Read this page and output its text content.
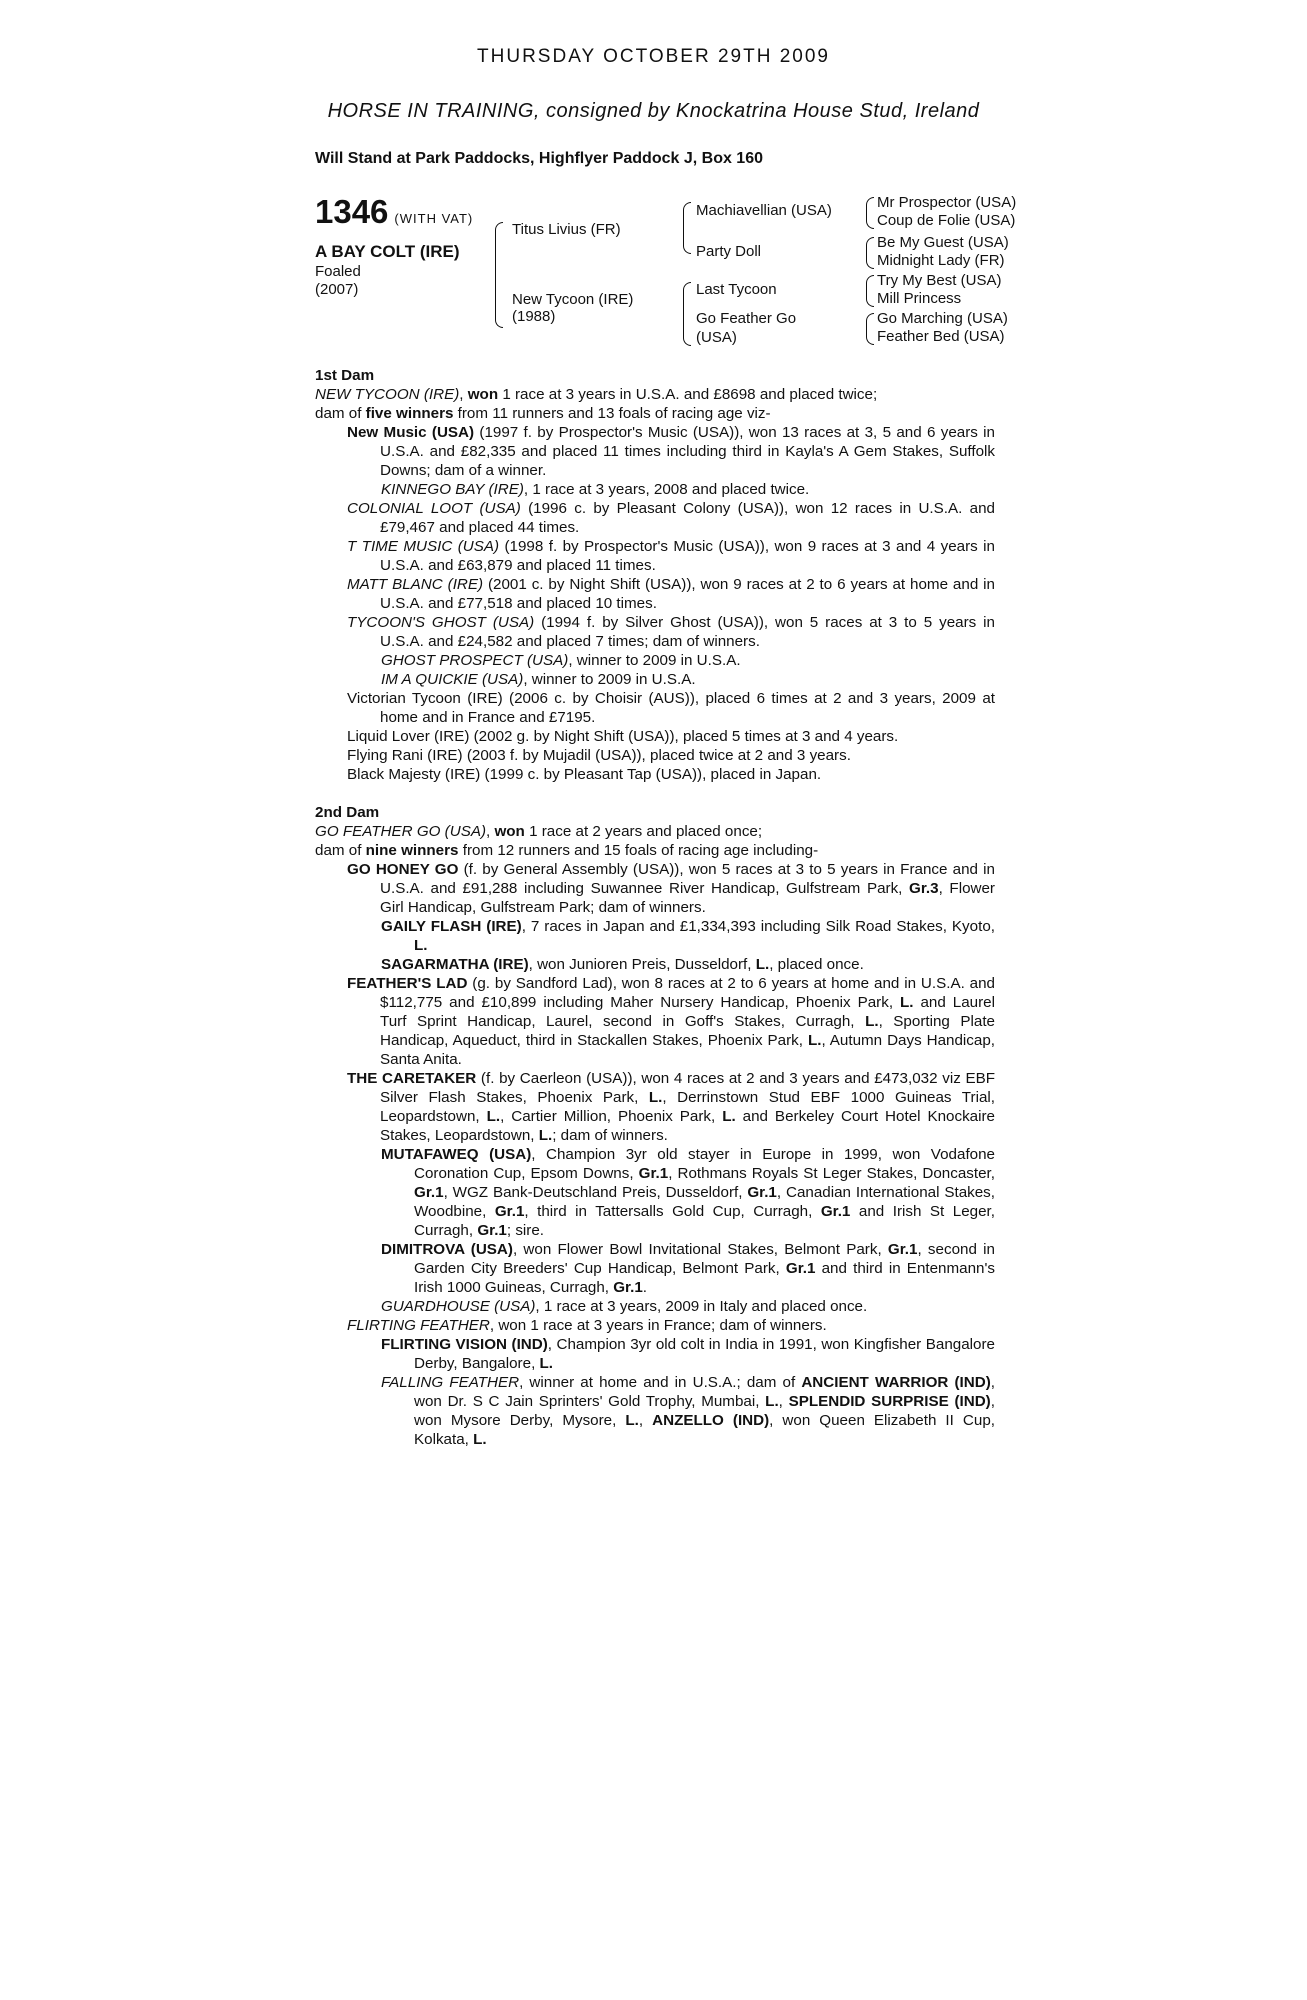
THURSDAY OCTOBER 29TH 2009
HORSE IN TRAINING, consigned by Knockatrina House Stud, Ireland
Will Stand at Park Paddocks, Highflyer Paddock J, Box 160
1346 (WITH VAT)
A BAY COLT (IRE)
Foaled
(2007)
Titus Livius (FR)
New Tycoon (IRE)
(1988)
Machiavellian (USA)
Party Doll
Last Tycoon
Go Feather Go
(USA)
Mr Prospector (USA)
Coup de Folie (USA)
Be My Guest (USA)
Midnight Lady (FR)
Try My Best (USA)
Mill Princess
Go Marching (USA)
Feather Bed (USA)

1st Dam

NEW TYCOON (IRE), won 1 race at 3 years in U.S.A. and £8698 and placed twice;

dam of five winners from 11 runners and 13 foals of racing age viz-

New Music (USA) (1997 f. by Prospector's Music (USA)), won 13 races at 3, 5 and 6 years in U.S.A. and £82,335 and placed 11 times including third in Kayla's A Gem Stakes, Suffolk Downs; dam of a winner.

KINNEGO BAY (IRE), 1 race at 3 years, 2008 and placed twice.

COLONIAL LOOT (USA) (1996 c. by Pleasant Colony (USA)), won 12 races in U.S.A. and £79,467 and placed 44 times.

T TIME MUSIC (USA) (1998 f. by Prospector's Music (USA)), won 9 races at 3 and 4 years in U.S.A. and £63,879 and placed 11 times.

MATT BLANC (IRE) (2001 c. by Night Shift (USA)), won 9 races at 2 to 6 years at home and in U.S.A. and £77,518 and placed 10 times.

TYCOON'S GHOST (USA) (1994 f. by Silver Ghost (USA)), won 5 races at 3 to 5 years in U.S.A. and £24,582 and placed 7 times; dam of winners.

GHOST PROSPECT (USA), winner to 2009 in U.S.A.

IM A QUICKIE (USA), winner to 2009 in U.S.A.

Victorian Tycoon (IRE) (2006 c. by Choisir (AUS)), placed 6 times at 2 and 3 years, 2009 at home and in France and £7195.

Liquid Lover (IRE) (2002 g. by Night Shift (USA)), placed 5 times at 3 and 4 years.

Flying Rani (IRE) (2003 f. by Mujadil (USA)), placed twice at 2 and 3 years.

Black Majesty (IRE) (1999 c. by Pleasant Tap (USA)), placed in Japan.

2nd Dam

GO FEATHER GO (USA), won 1 race at 2 years and placed once;

dam of nine winners from 12 runners and 15 foals of racing age including-

GO HONEY GO (f. by General Assembly (USA)), won 5 races at 3 to 5 years in France and in U.S.A. and £91,288 including Suwannee River Handicap, Gulfstream Park, Gr.3, Flower Girl Handicap, Gulfstream Park; dam of winners.

GAILY FLASH (IRE), 7 races in Japan and £1,334,393 including Silk Road Stakes, Kyoto, L.

SAGARMATHA (IRE), won Junioren Preis, Dusseldorf, L., placed once.

FEATHER'S LAD (g. by Sandford Lad), won 8 races at 2 to 6 years at home and in U.S.A. and $112,775 and £10,899 including Maher Nursery Handicap, Phoenix Park, L. and Laurel Turf Sprint Handicap, Laurel, second in Goff's Stakes, Curragh, L., Sporting Plate Handicap, Aqueduct, third in Stackallen Stakes, Phoenix Park, L., Autumn Days Handicap, Santa Anita.

THE CARETAKER (f. by Caerleon (USA)), won 4 races at 2 and 3 years and £473,032 viz EBF Silver Flash Stakes, Phoenix Park, L., Derrinstown Stud EBF 1000 Guineas Trial, Leopardstown, L., Cartier Million, Phoenix Park, L. and Berkeley Court Hotel Knockaire Stakes, Leopardstown, L.; dam of winners.

MUTAFAWEQ (USA), Champion 3yr old stayer in Europe in 1999, won Vodafone Coronation Cup, Epsom Downs, Gr.1, Rothmans Royals St Leger Stakes, Doncaster, Gr.1, WGZ Bank-Deutschland Preis, Dusseldorf, Gr.1, Canadian International Stakes, Woodbine, Gr.1, third in Tattersalls Gold Cup, Curragh, Gr.1 and Irish St Leger, Curragh, Gr.1; sire.

DIMITROVA (USA), won Flower Bowl Invitational Stakes, Belmont Park, Gr.1, second in Garden City Breeders' Cup Handicap, Belmont Park, Gr.1 and third in Entenmann's Irish 1000 Guineas, Curragh, Gr.1.

GUARDHOUSE (USA), 1 race at 3 years, 2009 in Italy and placed once.

FLIRTING FEATHER, won 1 race at 3 years in France; dam of winners.

FLIRTING VISION (IND), Champion 3yr old colt in India in 1991, won Kingfisher Bangalore Derby, Bangalore, L.

FALLING FEATHER, winner at home and in U.S.A.; dam of ANCIENT WARRIOR (IND), won Dr. S C Jain Sprinters' Gold Trophy, Mumbai, L., SPLENDID SURPRISE (IND), won Mysore Derby, Mysore, L., ANZELLO (IND), won Queen Elizabeth II Cup, Kolkata, L.
